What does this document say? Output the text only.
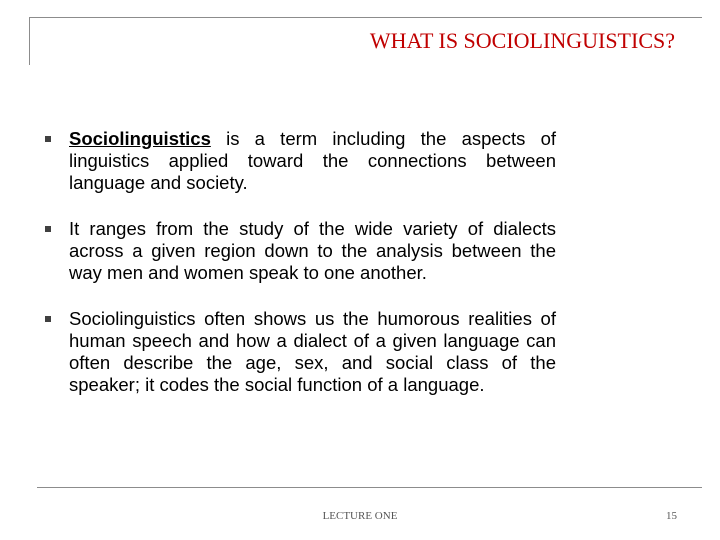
WHAT IS SOCIOLINGUISTICS?
Sociolinguistics is a term including the aspects of linguistics applied toward the connections between language and society.
It ranges from the study of the wide variety of dialects across a given region down to the analysis between the way men and women speak to one another.
Sociolinguistics often shows us the humorous realities of human speech and how a dialect of a given language can often describe the age, sex, and social class of the speaker; it codes the social function of a language.
LECTURE ONE	15
